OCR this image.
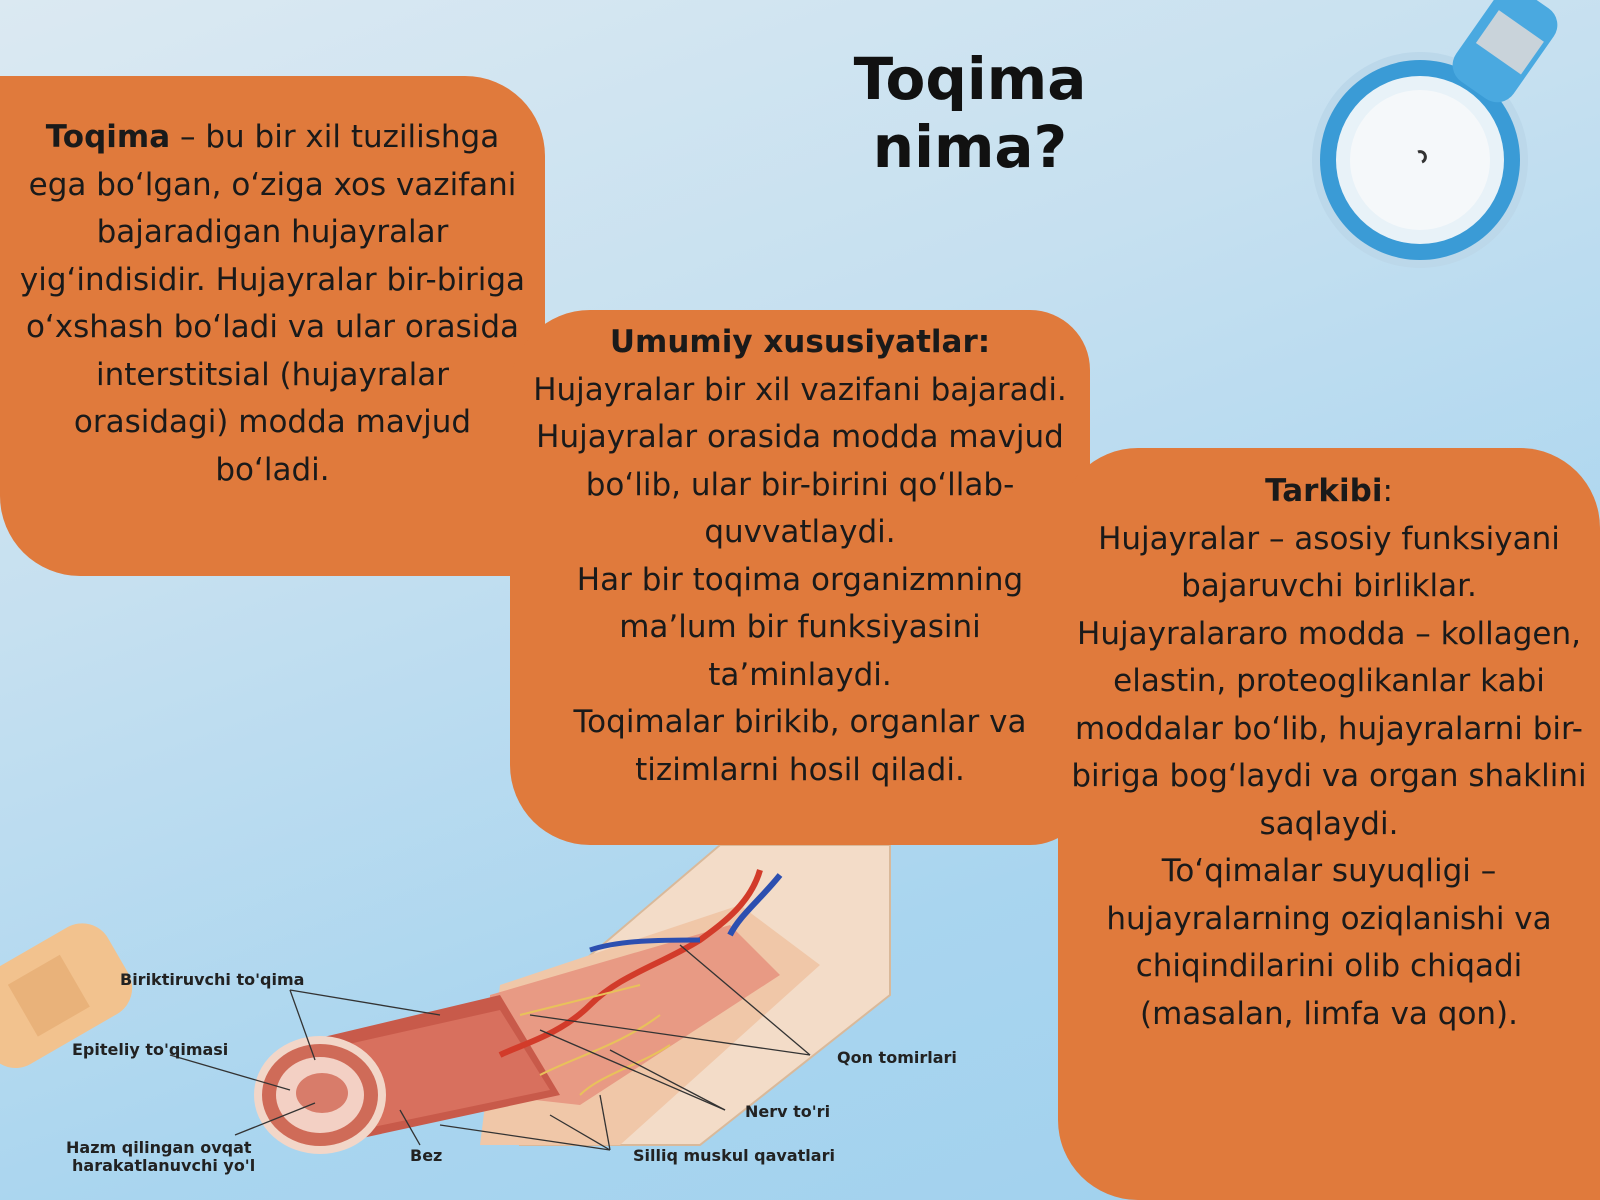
Toqima nima?

Toqima – bu bir xil tuzilishga ega boʻlgan, oʻziga xos vazifani bajaradigan hujayralar yigʻindisidir. Hujayralar bir-biriga oʻxshash boʻladi va ular orasida interstitsial (hujayralar orasidagi) modda mavjud boʻladi.

Umumiy xususiyatlar:

Hujayralar bir xil vazifani bajaradi.

Hujayralar orasida modda mavjud boʻlib, ular bir-birini qoʻllab-quvvatlaydi.

Har bir toqima organizmning maʼlum bir funksiyasini taʼminlaydi.

Toqimalar birikib, organlar va tizimlarni hosil qiladi.

Tarkibi:

Hujayralar – asosiy funksiyani bajaruvchi birliklar.

Hujayralararo modda – kollagen, elastin, proteoglikanlar kabi moddalar boʻlib, hujayralarni bir-biriga bogʻlaydi va organ shaklini saqlaydi.

Toʻqimalar suyuqligi – hujayralarning oziqlanishi va chiqindilarini olib chiqadi (masalan, limfa va qon).

Biriktiruvchi to'qima
Epiteliy to'qimasi
Hazm qilingan ovqat
harakatlanuvchi yo'l
Bez
Qon tomirlari
Nerv to'ri
Silliq muskul qavatlari
